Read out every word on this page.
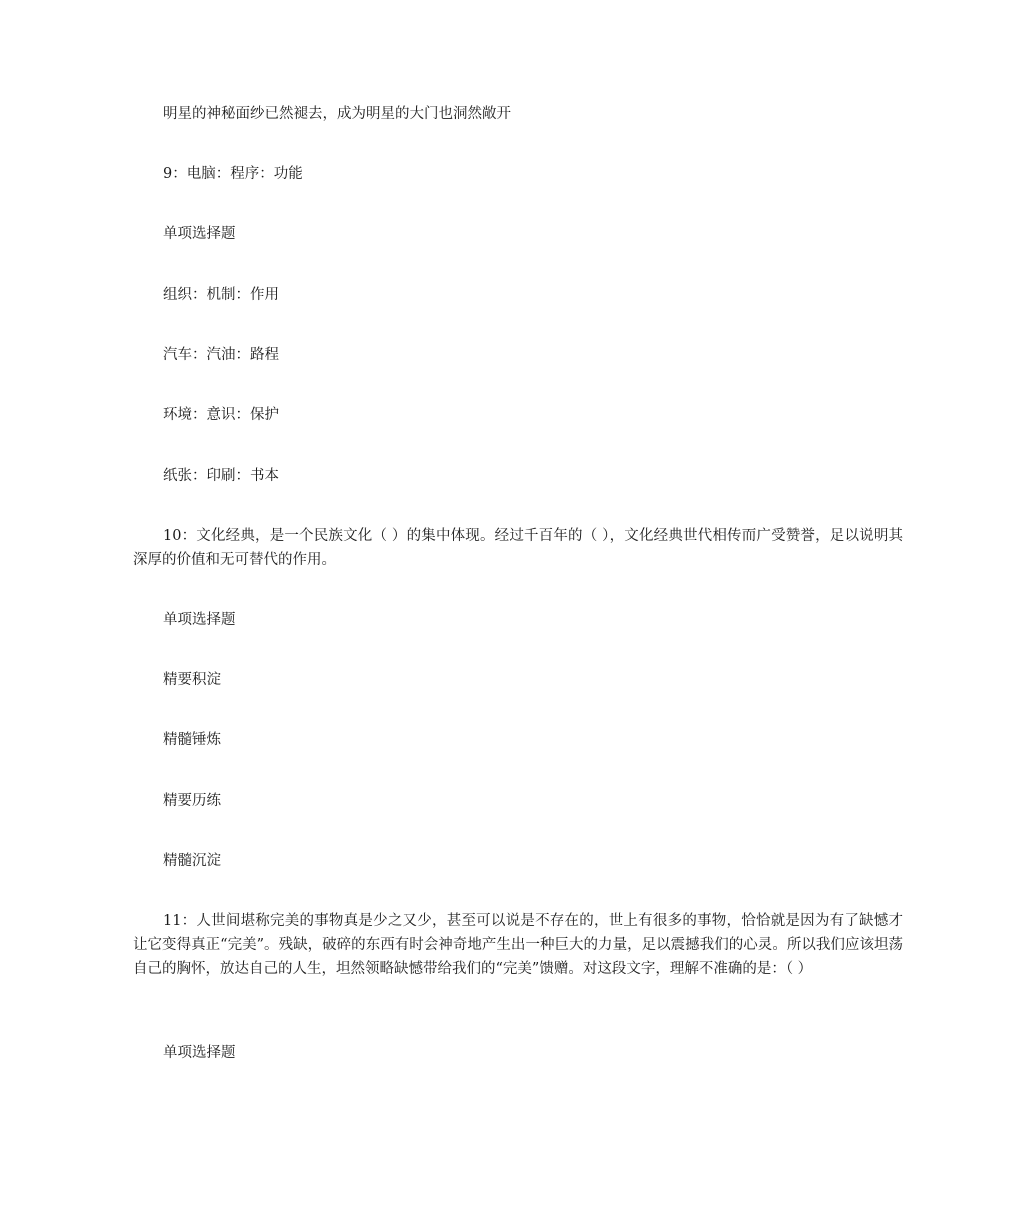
明星的神秘面纱已然褪去，成为明星的大门也洞然敞开
9：电脑：程序：功能
单项选择题
组织：机制：作用
汽车：汽油：路程
环境：意识：保护
纸张：印刷：书本
10：文化经典，是一个民族文化（ ）的集中体现。经过千百年的（ ），文化经典世代相传而广受赞誉，足以说明其深厚的价值和无可替代的作用。
单项选择题
精要积淀
精髓锤炼
精要历练
精髓沉淀
11：人世间堪称完美的事物真是少之又少，甚至可以说是不存在的，世上有很多的事物，恰恰就是因为有了缺憾才让它变得真正“完美”。残缺，破碎的东西有时会神奇地产生出一种巨大的力量，足以震撼我们的心灵。所以我们应该坦荡自己的胸怀，放达自己的人生，坦然领略缺憾带给我们的“完美”馈赠。对这段文字，理解不准确的是：（ ）
单项选择题
